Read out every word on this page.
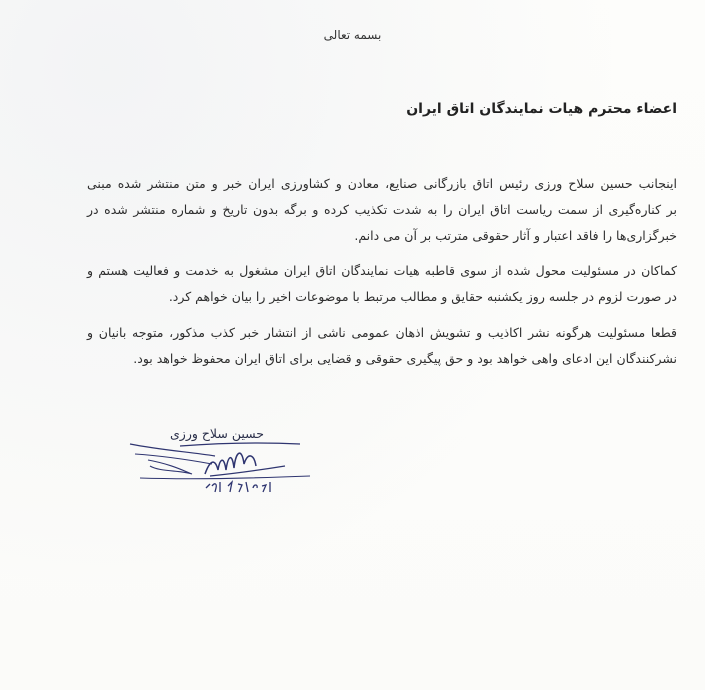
بسمه تعالی
اعضاء محترم هیات نمایندگان اتاق ایران
اینجانب حسین سلاح ورزی رئیس اتاق بازرگانی صنایع، معادن و کشاورزی ایران خبر و متن منتشر شده مبنی
بر کناره‌گیری از سمت ریاست اتاق ایران را به شدت تکذیب کرده و برگه بدون تاریخ و شماره منتشر شده در
خبرگزاری‌ها را فاقد اعتبار و آثار حقوقی مترتب بر آن می دانم.
کماکان در مسئولیت محول شده از سوی قاطبه هیات نمایندگان اتاق ایران مشغول به خدمت و فعالیت هستم و
در صورت لزوم در جلسه روز یکشنبه حقایق و مطالب مرتبط با موضوعات اخیر را بیان خواهم کرد.
قطعا مسئولیت هرگونه نشر اکاذیب و تشویش اذهان عمومی ناشی از انتشار خبر کذب مذکور، متوجه بانیان و
نشرکنندگان این ادعای واهی خواهد بود و حق پیگیری حقوقی و قضایی برای اتاق ایران محفوظ خواهد بود.
حسین سلاح ورزی
